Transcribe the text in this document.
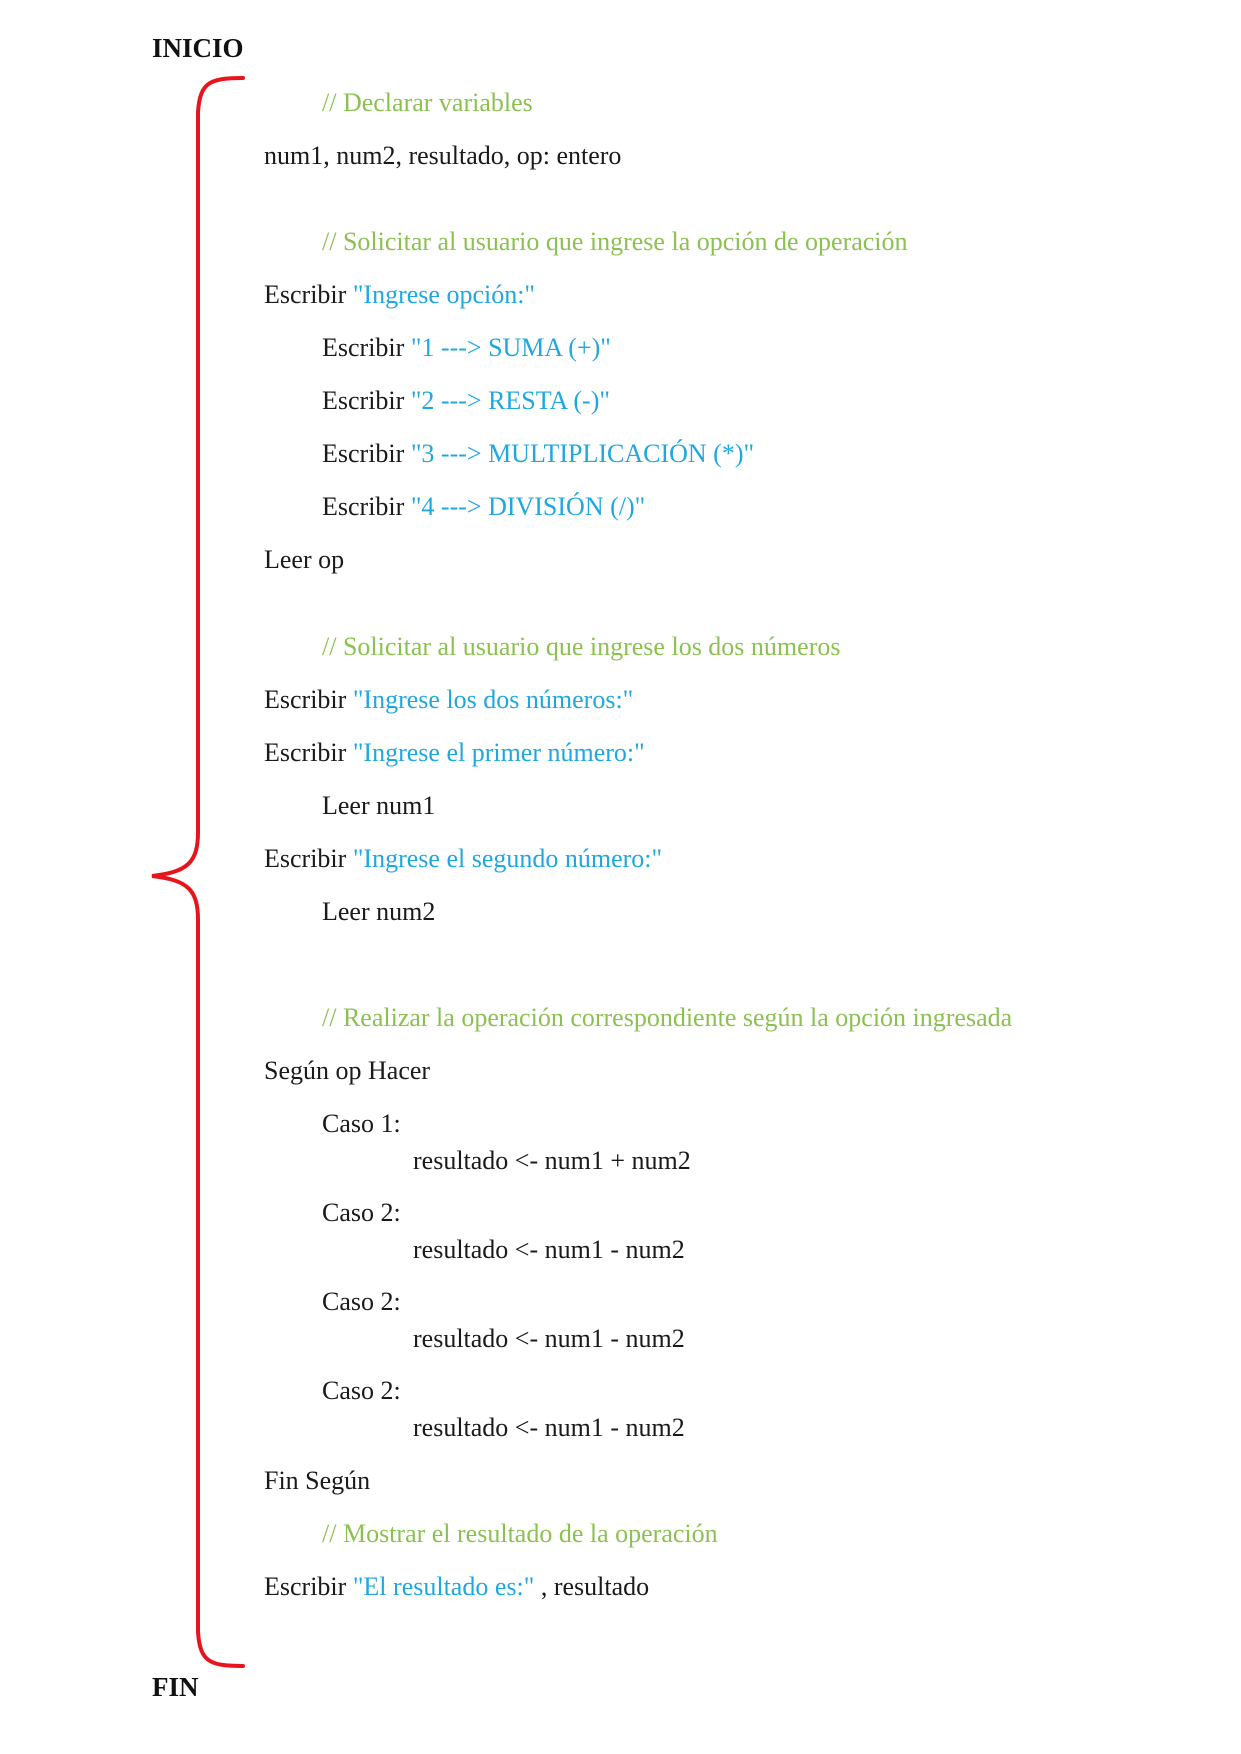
INICIO
// Declarar variables
num1, num2, resultado, op: entero
// Solicitar al usuario que ingrese la opción de operación
Escribir "Ingrese opción:"
Escribir "1 ---> SUMA (+)"
Escribir "2 ---> RESTA (-)"
Escribir "3 ---> MULTIPLICACIÓN (*)"
Escribir "4 ---> DIVISIÓN (/)"
Leer op
// Solicitar al usuario que ingrese los dos números
Escribir "Ingrese los dos números:"
Escribir "Ingrese el primer número:"
Leer num1
Escribir "Ingrese el segundo número:"
Leer num2
// Realizar la operación correspondiente según la opción ingresada
Según op Hacer
Caso 1:
resultado <- num1 + num2
Caso 2:
resultado <- num1 - num2
Caso 2:
resultado <- num1 - num2
Caso 2:
resultado <- num1 - num2
Fin Según
// Mostrar el resultado de la operación
Escribir "El resultado es:" , resultado
FIN
